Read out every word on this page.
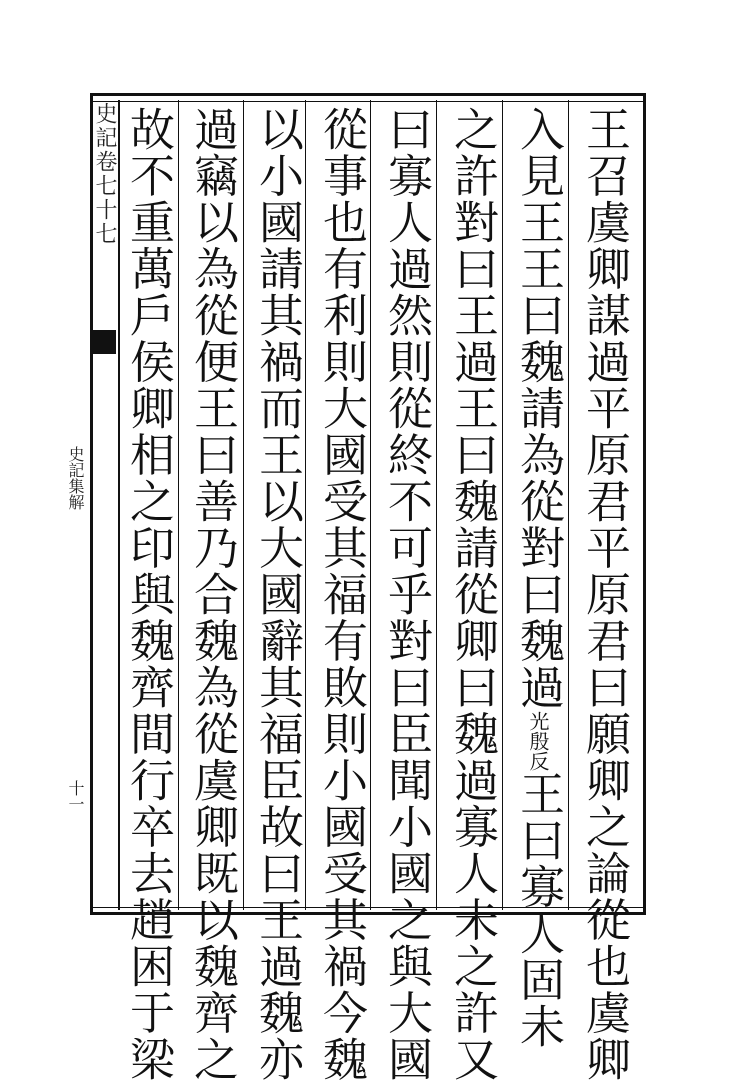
史記卷七十七
史記集解
十一	王召虞卿謀過平原君平原君曰願卿之論從也虞卿
入見王王曰魏請為從對曰魏過光殷反王曰寡人固未
之許對曰王過王曰魏請從卿曰魏過寡人未之許又
曰寡人過然則從終不可乎對曰臣聞小國之與大國
從事也有利則大國受其福有敗則小國受其禍今魏
以小國請其禍而王以大國辭其福臣故曰王過魏亦
過竊以為從便王曰善乃合魏為從虞卿既以魏齊之
故不重萬戶侯卿相之印與魏齊間行卒去趙困于梁
